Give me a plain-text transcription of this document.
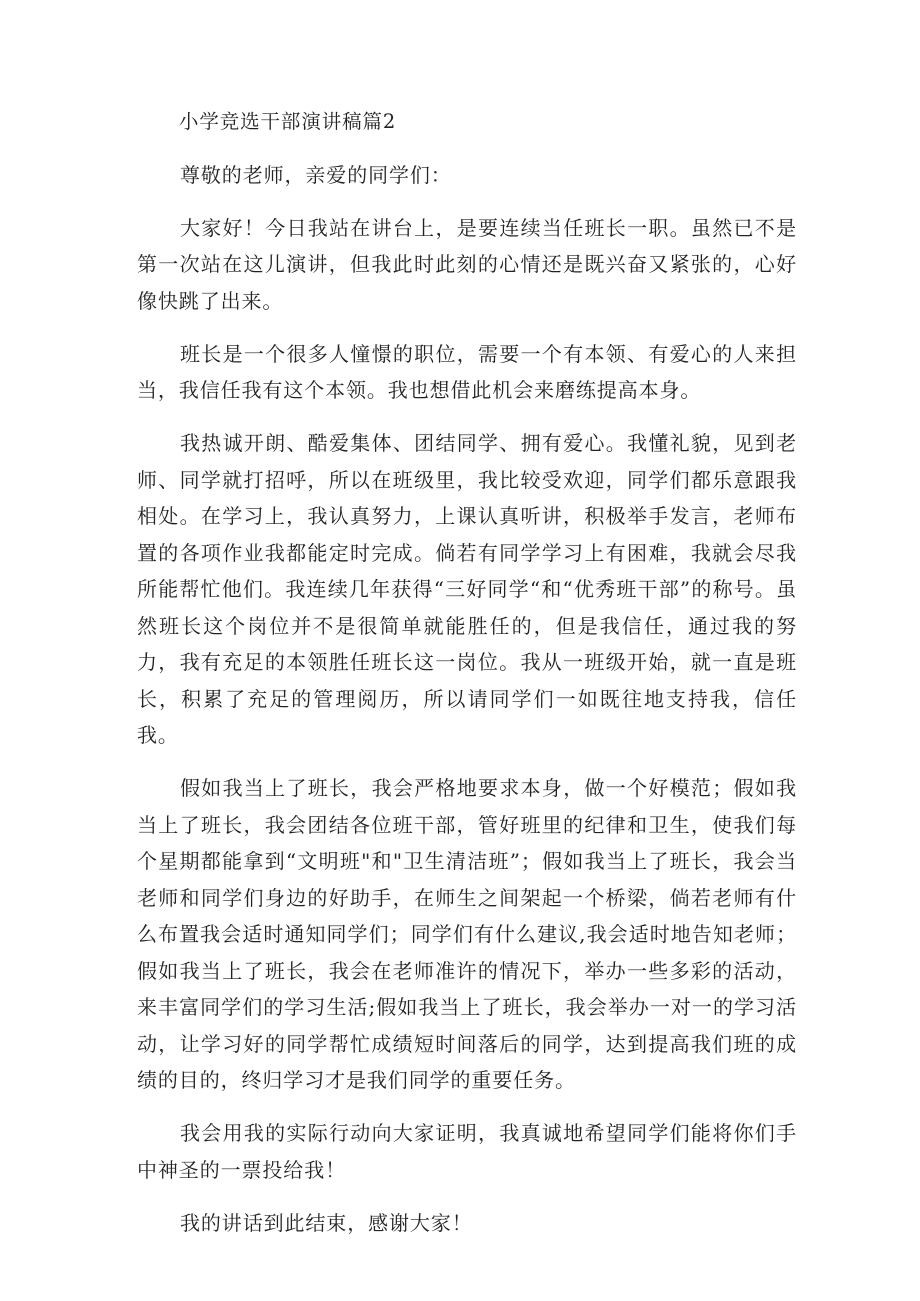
小学竞选干部演讲稿篇2

尊敬的老师，亲爱的同学们：

大家好！今日我站在讲台上，是要连续当任班长一职。虽然已不是第一次站在这儿演讲，但我此时此刻的心情还是既兴奋又紧张的，心好像快跳了出来。

班长是一个很多人憧憬的职位，需要一个有本领、有爱心的人来担当，我信任我有这个本领。我也想借此机会来磨练提高本身。

我热诚开朗、酷爱集体、团结同学、拥有爱心。我懂礼貌，见到老师、同学就打招呼，所以在班级里，我比较受欢迎，同学们都乐意跟我相处。在学习上，我认真努力，上课认真听讲，积极举手发言，老师布置的各项作业我都能定时完成。倘若有同学学习上有困难，我就会尽我所能帮忙他们。我连续几年获得“三好同学“和“优秀班干部”的称号。虽然班长这个岗位并不是很简单就能胜任的，但是我信任，通过我的努力，我有充足的本领胜任班长这一岗位。我从一班级开始，就一直是班长，积累了充足的管理阅历，所以请同学们一如既往地支持我，信任我。

假如我当上了班长，我会严格地要求本身，做一个好模范；假如我当上了班长，我会团结各位班干部，管好班里的纪律和卫生，使我们每个星期都能拿到“文明班"和"卫生清洁班”；假如我当上了班长，我会当老师和同学们身边的好助手，在师生之间架起一个桥梁，倘若老师有什么布置我会适时通知同学们；同学们有什么建议,我会适时地告知老师；假如我当上了班长，我会在老师准许的情况下，举办一些多彩的活动，来丰富同学们的学习生活;假如我当上了班长，我会举办一对一的学习活动，让学习好的同学帮忙成绩短时间落后的同学，达到提高我们班的成绩的目的，终归学习才是我们同学的重要任务。

我会用我的实际行动向大家证明，我真诚地希望同学们能将你们手中神圣的一票投给我！

我的讲话到此结束，感谢大家！
